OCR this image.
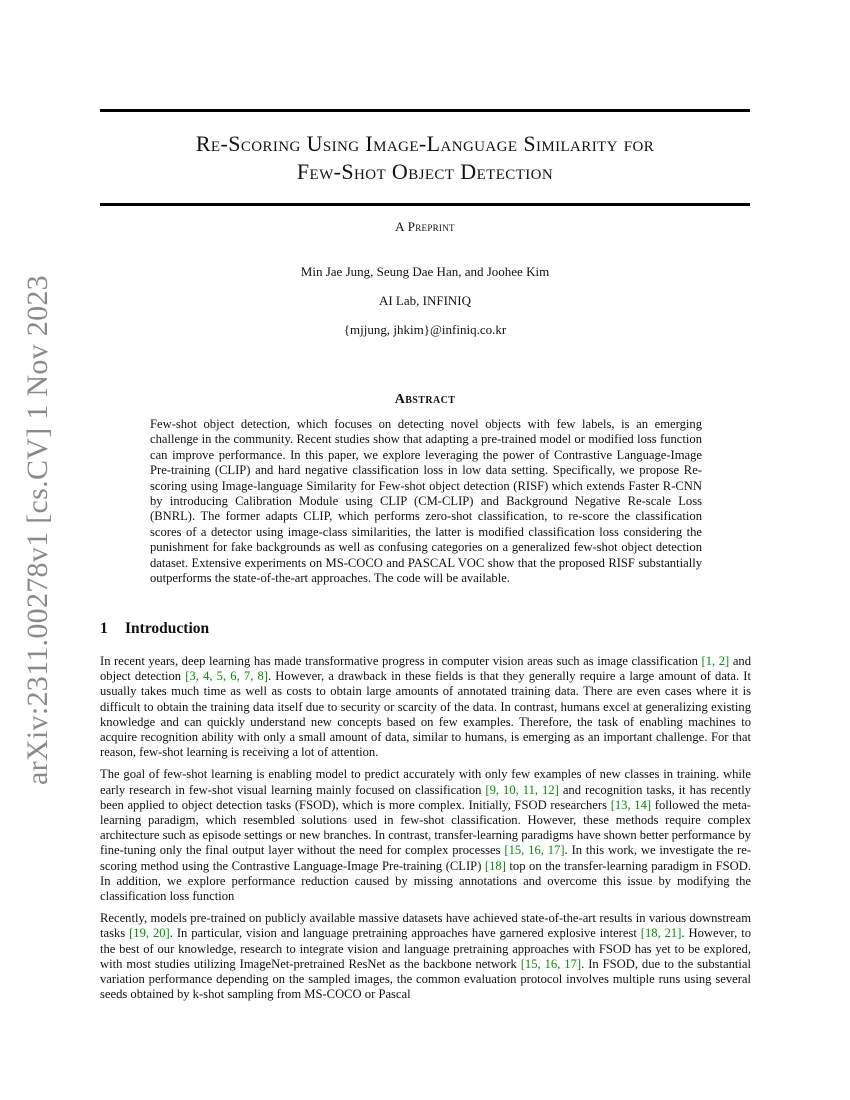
arXiv:2311.00278v1 [cs.CV] 1 Nov 2023
Re-Scoring Using Image-Language Similarity for
Few-Shot Object Detection
A Preprint
Min Jae Jung, Seung Dae Han, and Joohee Kim
AI Lab, INFINIQ
{mjjung, jhkim}@infiniq.co.kr
Abstract
Few-shot object detection, which focuses on detecting novel objects with few labels, is an emerging challenge in the community. Recent studies show that adapting a pre-trained model or modified loss function can improve performance. In this paper, we explore leveraging the power of Contrastive Language-Image Pre-training (CLIP) and hard negative classification loss in low data setting. Specifically, we propose Re-scoring using Image-language Similarity for Few-shot object detection (RISF) which extends Faster R-CNN by introducing Calibration Module using CLIP (CM-CLIP) and Background Negative Re-scale Loss (BNRL). The former adapts CLIP, which performs zero-shot classification, to re-score the classification scores of a detector using image-class similarities, the latter is modified classification loss considering the punishment for fake backgrounds as well as confusing categories on a generalized few-shot object detection dataset. Extensive experiments on MS-COCO and PASCAL VOC show that the proposed RISF substantially outperforms the state-of-the-art approaches. The code will be available.
1 Introduction

In recent years, deep learning has made transformative progress in computer vision areas such as image classification [1, 2] and object detection [3, 4, 5, 6, 7, 8]. However, a drawback in these fields is that they generally require a large amount of data. It usually takes much time as well as costs to obtain large amounts of annotated training data. There are even cases where it is difficult to obtain the training data itself due to security or scarcity of the data. In contrast, humans excel at generalizing existing knowledge and can quickly understand new concepts based on few examples. Therefore, the task of enabling machines to acquire recognition ability with only a small amount of data, similar to humans, is emerging as an important challenge. For that reason, few-shot learning is receiving a lot of attention.

The goal of few-shot learning is enabling model to predict accurately with only few examples of new classes in training. while early research in few-shot visual learning mainly focused on classification [9, 10, 11, 12] and recognition tasks, it has recently been applied to object detection tasks (FSOD), which is more complex. Initially, FSOD researchers [13, 14] followed the meta-learning paradigm, which resembled solutions used in few-shot classification. However, these methods require complex architecture such as episode settings or new branches. In contrast, transfer-learning paradigms have shown better performance by fine-tuning only the final output layer without the need for complex processes [15, 16, 17]. In this work, we investigate the re-scoring method using the Contrastive Language-Image Pre-training (CLIP) [18] top on the transfer-learning paradigm in FSOD. In addition, we explore performance reduction caused by missing annotations and overcome this issue by modifying the classification loss function

Recently, models pre-trained on publicly available massive datasets have achieved state-of-the-art results in various downstream tasks [19, 20]. In particular, vision and language pretraining approaches have garnered explosive interest [18, 21]. However, to the best of our knowledge, research to integrate vision and language pretraining approaches with FSOD has yet to be explored, with most studies utilizing ImageNet-pretrained ResNet as the backbone network [15, 16, 17]. In FSOD, due to the substantial variation performance depending on the sampled images, the common evaluation protocol involves multiple runs using several seeds obtained by k-shot sampling from MS-COCO or Pascal
